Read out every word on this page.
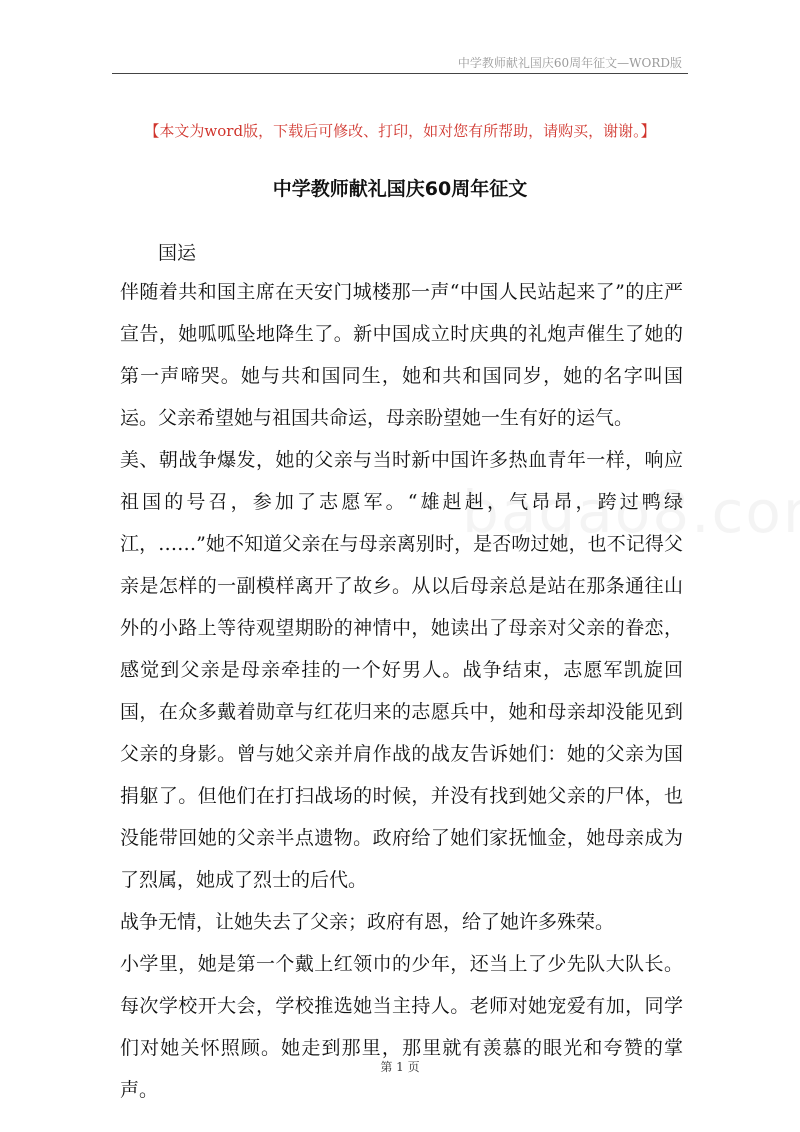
中学教师献礼国庆60周年征文—WORD版
【本文为word版，下载后可修改、打印，如对您有所帮助，请购买，谢谢。】
中学教师献礼国庆60周年征文
国运

伴随着共和国主席在天安门城楼那一声“中国人民站起来了”的庄严宣告，她呱呱坠地降生了。新中国成立时庆典的礼炮声催生了她的第一声啼哭。她与共和国同生，她和共和国同岁，她的名字叫国运。父亲希望她与祖国共命运，母亲盼望她一生有好的运气。

美、朝战争爆发，她的父亲与当时新中国许多热血青年一样，响应祖国的号召，参加了志愿军。“雄赳赳，气昂昂，跨过鸭绿江，……”她不知道父亲在与母亲离别时，是否吻过她，也不记得父亲是怎样的一副模样离开了故乡。从以后母亲总是站在那条通往山外的小路上等待观望期盼的神情中，她读出了母亲对父亲的眷恋，感觉到父亲是母亲牵挂的一个好男人。战争结束，志愿军凯旋回国，在众多戴着勋章与红花归来的志愿兵中，她和母亲却没能见到父亲的身影。曾与她父亲并肩作战的战友告诉她们：她的父亲为国捐躯了。但他们在打扫战场的时候，并没有找到她父亲的尸体，也没能带回她的父亲半点遗物。政府给了她们家抚恤金，她母亲成为了烈属，她成了烈士的后代。

战争无情，让她失去了父亲；政府有恩，给了她许多殊荣。

小学里，她是第一个戴上红领巾的少年，还当上了少先队大队长。每次学校开大会，学校推选她当主持人。老师对她宠爱有加，同学们对她关怀照顾。她走到那里，那里就有羡慕的眼光和夸赞的掌声。

第 1 页
